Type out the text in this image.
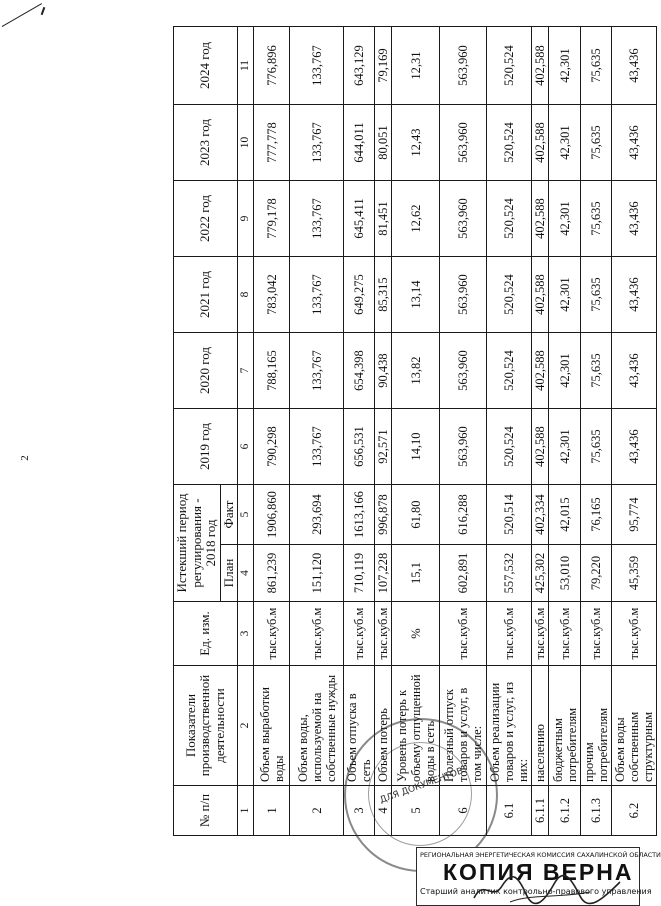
2
№ п/п	Показатели производственной деятельности	Ед. изм.	Истекший период регулирования - 2018 год		2019 год	2020 год	2021 год	2022 год	2023 год	2024 год
			План	Факт						
1	2	3	4	5	6	7	8	9	10	11
1	Объем выработки воды	тыс.куб.м	861,239	1906,860	790,298	788,165	783,042	779,178	777,778	776,896
2	Объем воды, используемой на собственные нужды	тыс.куб.м	151,120	293,694	133,767	133,767	133,767	133,767	133,767	133,767
3	Объем отпуска в сеть	тыс.куб.м	710,119	1613,166	656,531	654,398	649,275	645,411	644,011	643,129
4	Объем потерь	тыс.куб.м	107,228	996,878	92,571	90,438	85,315	81,451	80,051	79,169
5	Уровень потерь к объему отпущенной воды в сеть	%	15,1	61,80	14,10	13,82	13,14	12,62	12,43	12,31
6	Полезный отпуск товаров и услуг, в том числе:	тыс.куб.м	602,891	616,288	563,960	563,960	563,960	563,960	563,960	563,960
6.1	Объем реализации товаров и услуг, из них:	тыс.куб.м	557,532	520,514	520,524	520,524	520,524	520,524	520,524	520,524
6.1.1	населению	тыс.куб.м	425,302	402,334	402,588	402,588	402,588	402,588	402,588	402,588
6.1.2	бюджетным потребителям	тыс.куб.м	53,010	42,015	42,301	42,301	42,301	42,301	42,301	42,301
6.1.3	прочим потребителям	тыс.куб.м	79,220	76,165	75,635	75,635	75,635	75,635	75,635	75,635
6.2	Объем воды собственным структурным	тыс.куб.м	45,359	95,774	43,436	43,436	43,436	43,436	43,436	43,436
ДЛЯ ДОКУМЕНТОВ
РЕГИОНАЛЬНАЯ ЭНЕРГЕТИЧЕСКАЯ КОМИССИЯ САХАЛИНСКОЙ ОБЛАСТИ
КОПИЯ ВЕРНА
Старший аналитик контрольно-правового управления
